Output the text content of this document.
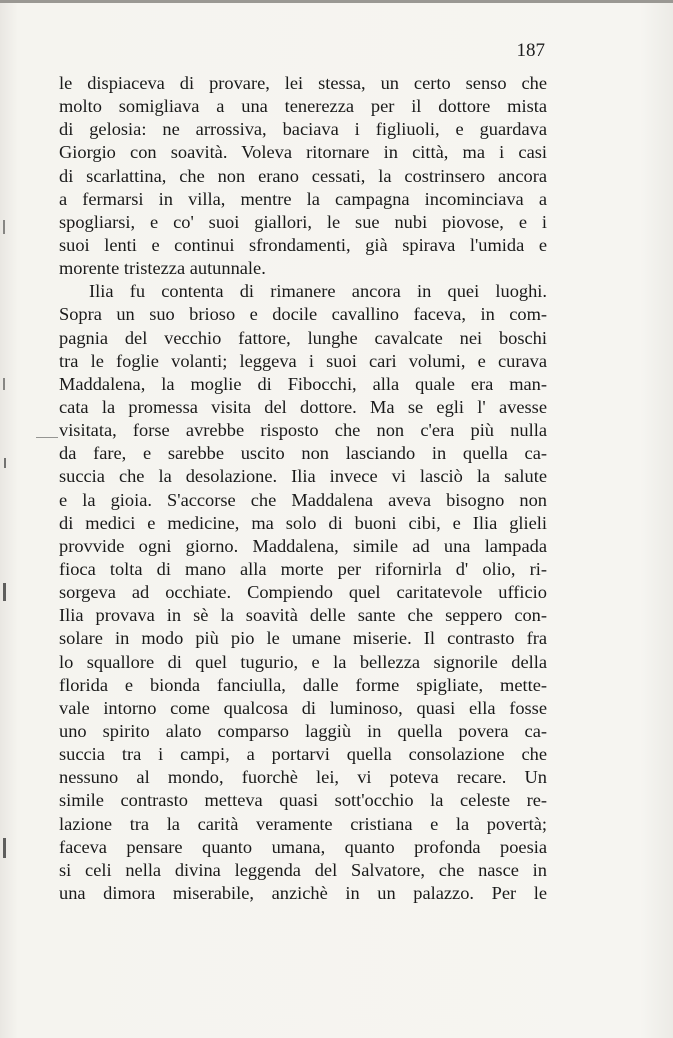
187
le dispiaceva di provare, lei stessa, un certo senso che
molto somigliava a una tenerezza per il dottore mista
di gelosia: ne arrossiva, baciava i figliuoli, e guardava
Giorgio con soavità. Voleva ritornare in città, ma i casi
di scarlattina, che non erano cessati, la costrinsero ancora
a fermarsi in villa, mentre la campagna incominciava a
spogliarsi, e co' suoi giallori, le sue nubi piovose, e i
suoi lenti e continui sfrondamenti, già spirava l'umida e
morente tristezza autunnale.
Ilia fu contenta di rimanere ancora in quei luoghi.
Sopra un suo brioso e docile cavallino faceva, in com-
pagnia del vecchio fattore, lunghe cavalcate nei boschi
tra le foglie volanti; leggeva i suoi cari volumi, e curava
Maddalena, la moglie di Fibocchi, alla quale era man-
cata la promessa visita del dottore. Ma se egli l' avesse
visitata, forse avrebbe risposto che non c'era più nulla
da fare, e sarebbe uscito non lasciando in quella ca-
succia che la desolazione. Ilia invece vi lasciò la salute
e la gioia. S'accorse che Maddalena aveva bisogno non
di medici e medicine, ma solo di buoni cibi, e Ilia glieli
provvide ogni giorno. Maddalena, simile ad una lampada
fioca tolta di mano alla morte per rifornirla d' olio, ri-
sorgeva ad occhiate. Compiendo quel caritatevole ufficio
Ilia provava in sè la soavità delle sante che seppero con-
solare in modo più pio le umane miserie. Il contrasto fra
lo squallore di quel tugurio, e la bellezza signorile della
florida e bionda fanciulla, dalle forme spigliate, mette-
vale intorno come qualcosa di luminoso, quasi ella fosse
uno spirito alato comparso laggiù in quella povera ca-
succia tra i campi, a portarvi quella consolazione che
nessuno al mondo, fuorchè lei, vi poteva recare. Un
simile contrasto metteva quasi sott'occhio la celeste re-
lazione tra la carità veramente cristiana e la povertà;
faceva pensare quanto umana, quanto profonda poesia
si celi nella divina leggenda del Salvatore, che nasce in
una dimora miserabile, anzichè in un palazzo. Per le
